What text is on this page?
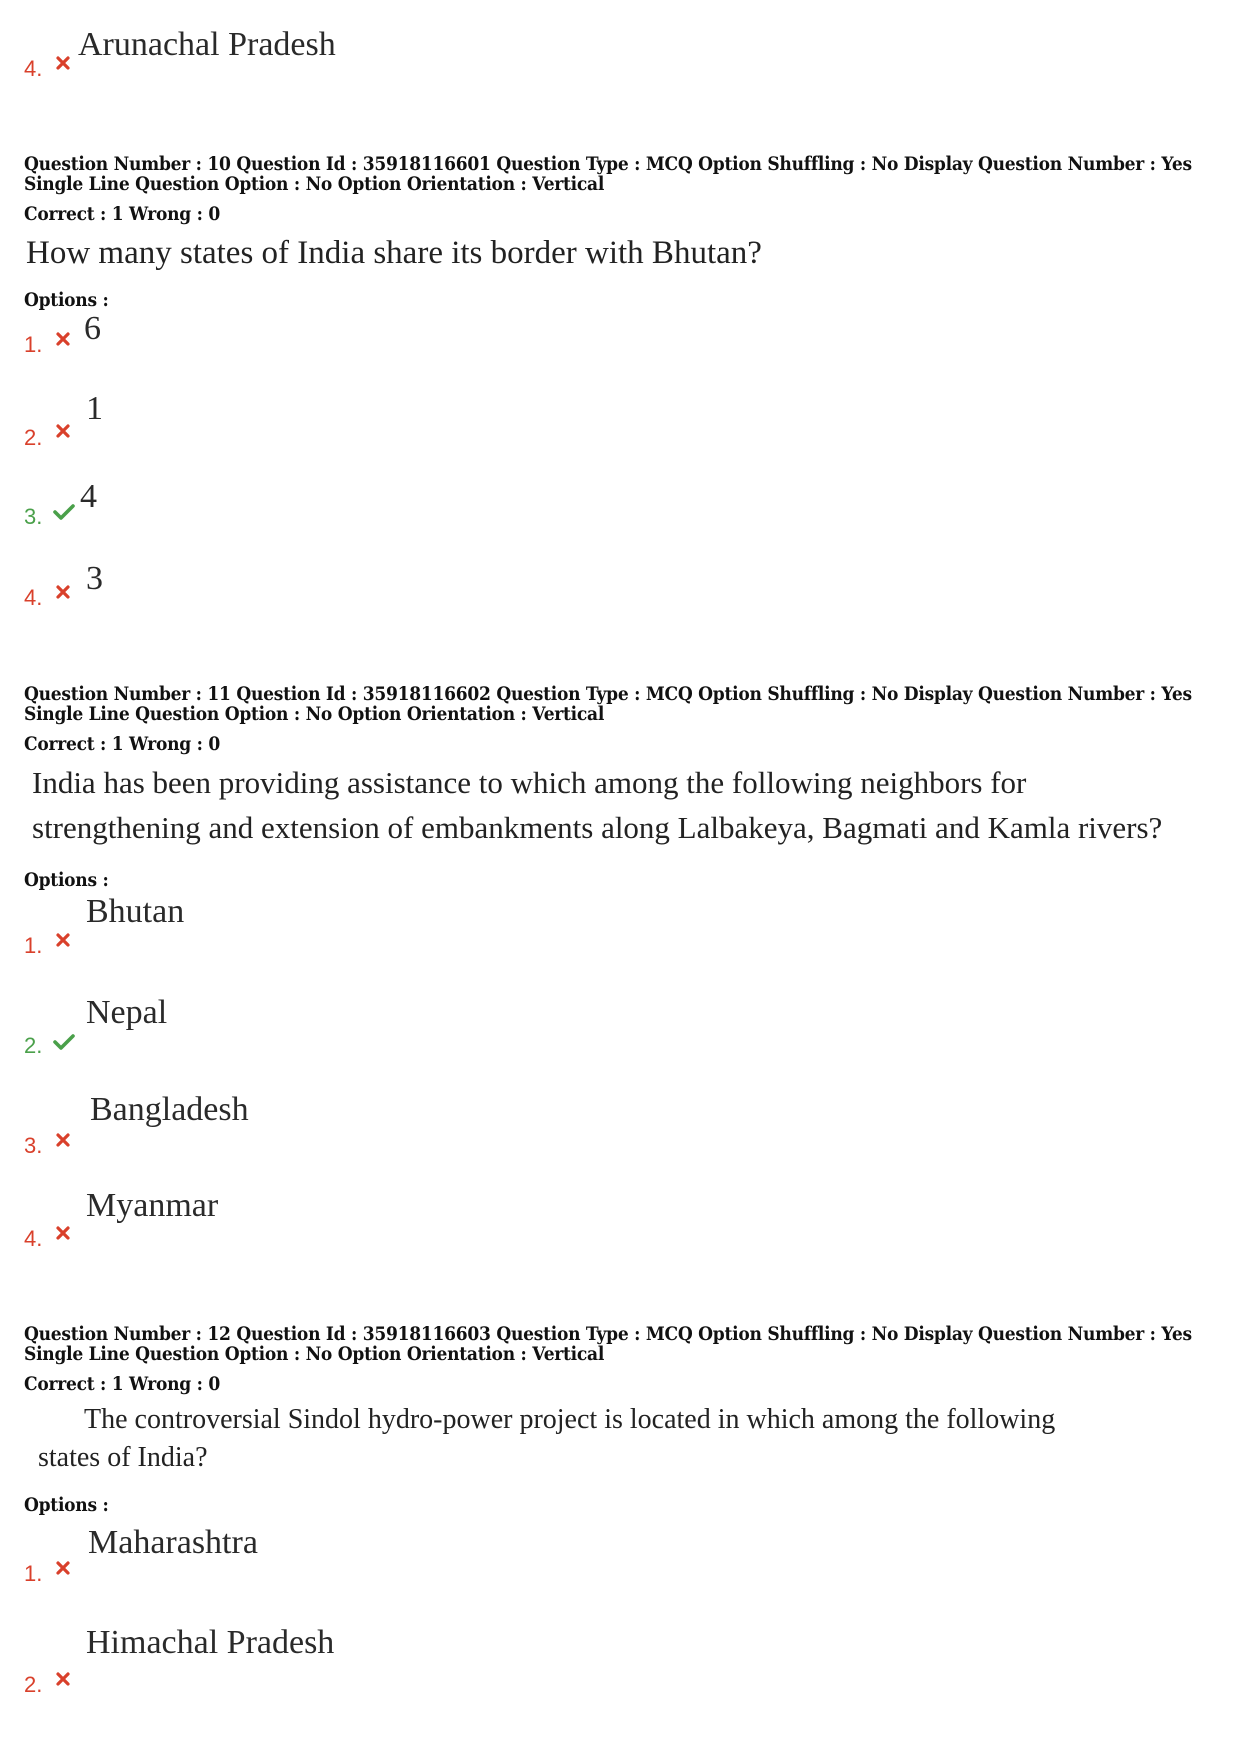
4.
Arunachal Pradesh
Question Number : 10 Question Id : 35918116601 Question Type : MCQ Option Shuffling : No Display Question Number : Yes
Single Line Question Option : No Option Orientation : Vertical
Correct : 1 Wrong : 0
How many states of India share its border with Bhutan?
Options :
1. 6
2.
1
3.
4
4.
3
Question Number : 11 Question Id : 35918116602 Question Type : MCQ Option Shuffling : No Display Question Number : Yes
Single Line Question Option : No Option Orientation : Vertical
Correct : 1 Wrong : 0
India has been providing assistance to which among the following neighbors for
strengthening and extension of embankments along Lalbakeya, Bagmati and Kamla rivers?
Options :
1.
Bhutan
2.
Nepal
3.
Bangladesh
4.
Myanmar
Question Number : 12 Question Id : 35918116603 Question Type : MCQ Option Shuffling : No Display Question Number : Yes
Single Line Question Option : No Option Orientation : Vertical
Correct : 1 Wrong : 0
The controversial Sindol hydro-power project is located in which among the following
states of India?
Options :
1.
Maharashtra
2.
Himachal Pradesh
